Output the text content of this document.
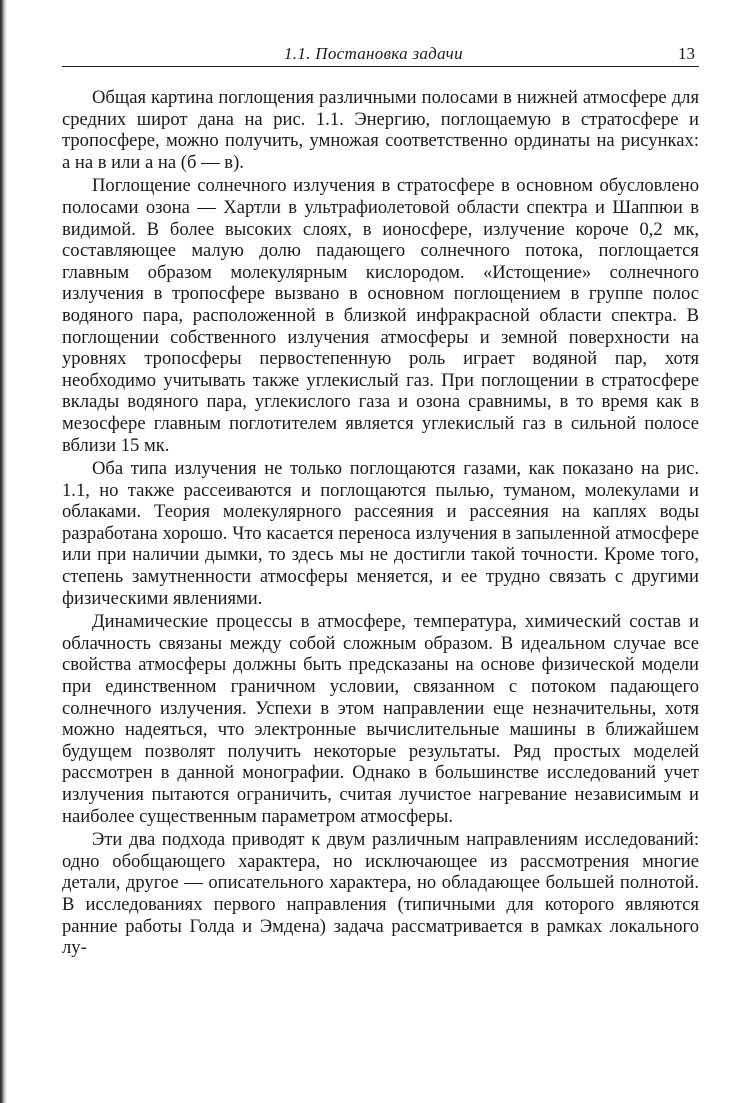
1.1. Постановка задачи	13

Общая картина поглощения различными полосами в нижней атмосфере для средних широт дана на рис. 1.1. Энергию, поглощаемую в стратосфере и тропосфере, можно получить, умножая соответственно ординаты на рисунках: а на в или а на (б — в).

Поглощение солнечного излучения в стратосфере в основном обусловлено полосами озона — Хартли в ультрафиолетовой области спектра и Шаппюи в видимой. В более высоких слоях, в ионосфере, излучение короче 0,2 мк, составляющее малую долю падающего солнечного потока, поглощается главным образом молекулярным кислородом. «Истощение» солнечного излучения в тропосфере вызвано в основном поглощением в группе полос водяного пара, расположенной в близкой инфракрасной области спектра. В поглощении собственного излучения атмосферы и земной поверхности на уровнях тропосферы первостепенную роль играет водяной пар, хотя необходимо учитывать также углекислый газ. При поглощении в стратосфере вклады водяного пара, углекислого газа и озона сравнимы, в то время как в мезосфере главным поглотителем является углекислый газ в сильной полосе вблизи 15 мк.

Оба типа излучения не только поглощаются газами, как показано на рис. 1.1, но также рассеиваются и поглощаются пылью, туманом, молекулами и облаками. Теория молекулярного рассеяния и рассеяния на каплях воды разработана хорошо. Что касается переноса излучения в запыленной атмосфере или при наличии дымки, то здесь мы не достигли такой точности. Кроме того, степень замутненности атмосферы меняется, и ее трудно связать с другими физическими явлениями.

Динамические процессы в атмосфере, температура, химический состав и облачность связаны между собой сложным образом. В идеальном случае все свойства атмосферы должны быть предсказаны на основе физической модели при единственном граничном условии, связанном с потоком падающего солнечного излучения. Успехи в этом направлении еще незначительны, хотя можно надеяться, что электронные вычислительные машины в ближайшем будущем позволят получить некоторые результаты. Ряд простых моделей рассмотрен в данной монографии. Однако в большинстве исследований учет излучения пытаются ограничить, считая лучистое нагревание независимым и наиболее существенным параметром атмосферы.

Эти два подхода приводят к двум различным направлениям исследований: одно обобщающего характера, но исключающее из рассмотрения многие детали, другое — описательного характера, но обладающее большей полнотой. В исследованиях первого направления (типичными для которого являются ранние работы Голда и Эмдена) задача рассматривается в рамках локального лу-
